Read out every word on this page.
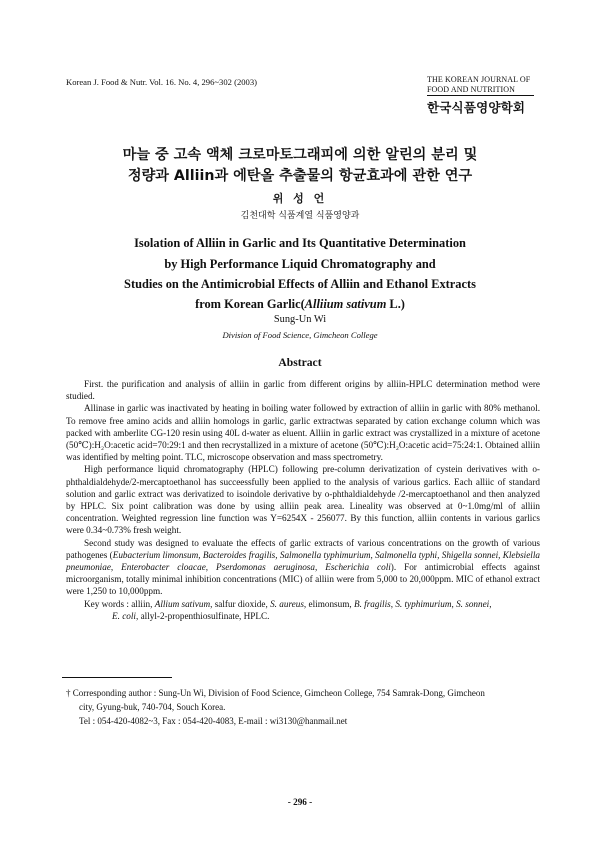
Korean J. Food & Nutr. Vol. 16. No. 4, 296~302 (2003)	THE KOREAN JOURNAL OF
FOOD AND NUTRITION
한국식품영양학회
마늘 중 고속 액체 크로마토그래피에 의한 알린의 분리 및
정량과 Alliin과 에탄올 추출물의 항균효과에 관한 연구
위 성 언
김천대학 식품계열 식품영양과
Isolation of Alliin in Garlic and Its Quantitative Determination
by High Performance Liquid Chromatography and
Studies on the Antimicrobial Effects of Alliin and Ethanol Extracts
from Korean Garlic(Alliium sativum L.)
Sung-Un Wi
Division of Food Science, Gimcheon College
Abstract

First. the purification and analysis of alliin in garlic from different origins by alliin-HPLC determination method were studied.

Allinase in garlic was inactivated by heating in boiling water followed by extraction of alliin in garlic with 80% methanol. To remove free amino acids and alliin homologs in garlic, garlic extractwas separated by cation exchange column which was packed with amberlite CG-120 resin using 40L d-water as eluent. Alliin in garlic extract was crystallized in a mixture of acetone (50℃):H₂O:acetic acid=70:29:1 and then recrystallized in a mixture of acetone (50℃):H₂O:acetic acid=75:24:1. Obtained alliin was identified by melting point. TLC, microscope observation and mass spectrometry.

High performance liquid chromatography (HPLC) following pre-column derivatization of cystein derivatives with o-phthaldialdehyde/2-mercaptoethanol has succeessfully been applied to the analysis of various garlics. Each alliic of standard solution and garlic extract was derivatized to isoindole derivative by o-phthaldialdehyde /2-mercaptoethanol and then analyzed by HPLC. Six point calibration was done by using alliin peak area. Lineality was observed at 0~1.0mg/ml of alliin concentration. Weighted regression line function was Y=6254X - 256077. By this function, alliin contents in various garlics were 0.34~0.73% fresh weight.

Second study was designed to evaluate the effects of garlic extracts of various concentrations on the growth of various pathogenes (Eubacterium limonsum, Bacteroides fragilis, Salmonella typhimurium, Salmonella typhi, Shigella sonnei, Klebsiella pneumoniae, Enterobacter cloacae, Pserdomonas aeruginosa, Escherichia coli). For antimicrobial effects against microorganism, totally minimal inhibition concentrations (MIC) of alliin were from 5,000 to 20,000ppm. MIC of ethanol extract were 1,250 to 10,000ppm.

Key words : alliin, Allium sativum, salfur dioxide, S. aureus, elimonsum, B. fragilis, S. typhimurium, S. sonnei,
E. coli, allyl-2-propenthiosulfinate, HPLC.
† Corresponding author : Sung-Un Wi, Division of Food Science, Gimcheon College, 754 Samrak-Dong, Gimcheon
city, Gyung-buk, 740-704, Souch Korea.
Tel : 054-420-4082~3, Fax : 054-420-4083, E-mail : wi3130@hanmail.net
- 296 -
